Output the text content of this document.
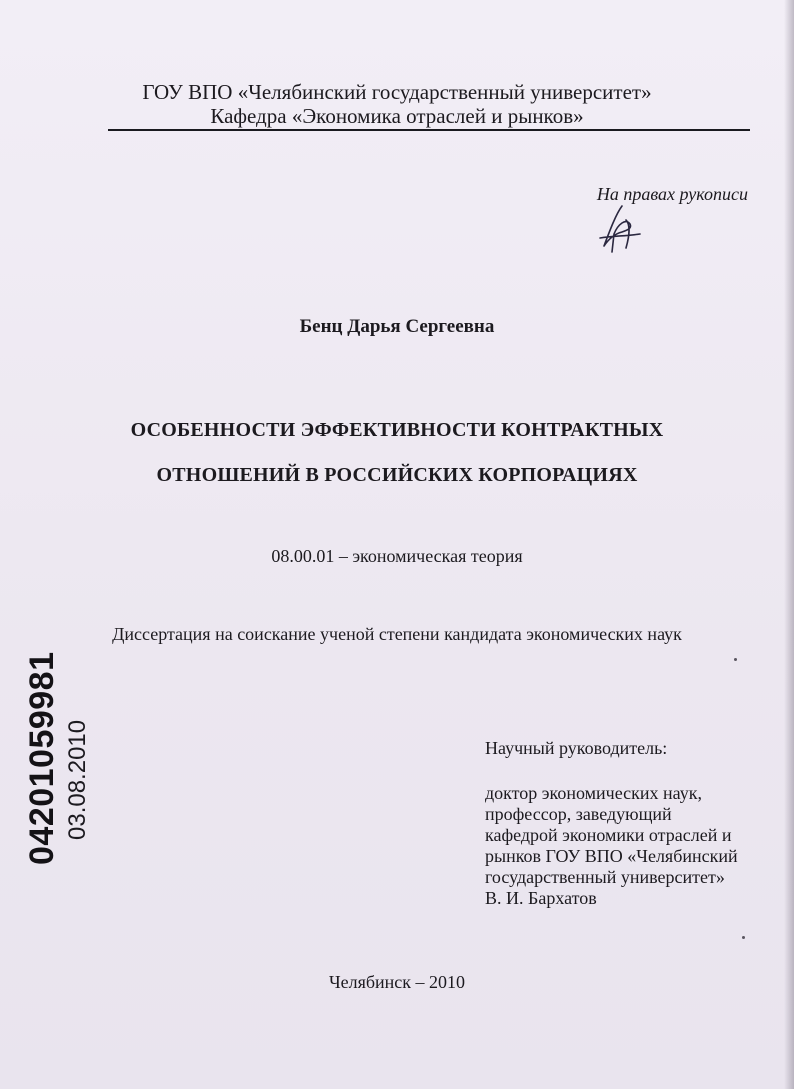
ГОУ ВПО «Челябинский государственный университет»
Кафедра «Экономика отраслей и рынков»
На правах рукописи
Бенц Дарья Сергеевна
ОСОБЕННОСТИ ЭФФЕКТИВНОСТИ КОНТРАКТНЫХ
ОТНОШЕНИЙ В РОССИЙСКИХ КОРПОРАЦИЯХ
08.00.01 – экономическая теория
Диссертация на соискание ученой степени кандидата экономических наук
04201059981 03.08.2010	Научный руководитель:
доктор экономических наук,
профессор, заведующий
кафедрой экономики отраслей и
рынков ГОУ ВПО «Челябинский
государственный университет»
В. И. Бархатов
Челябинск – 2010
